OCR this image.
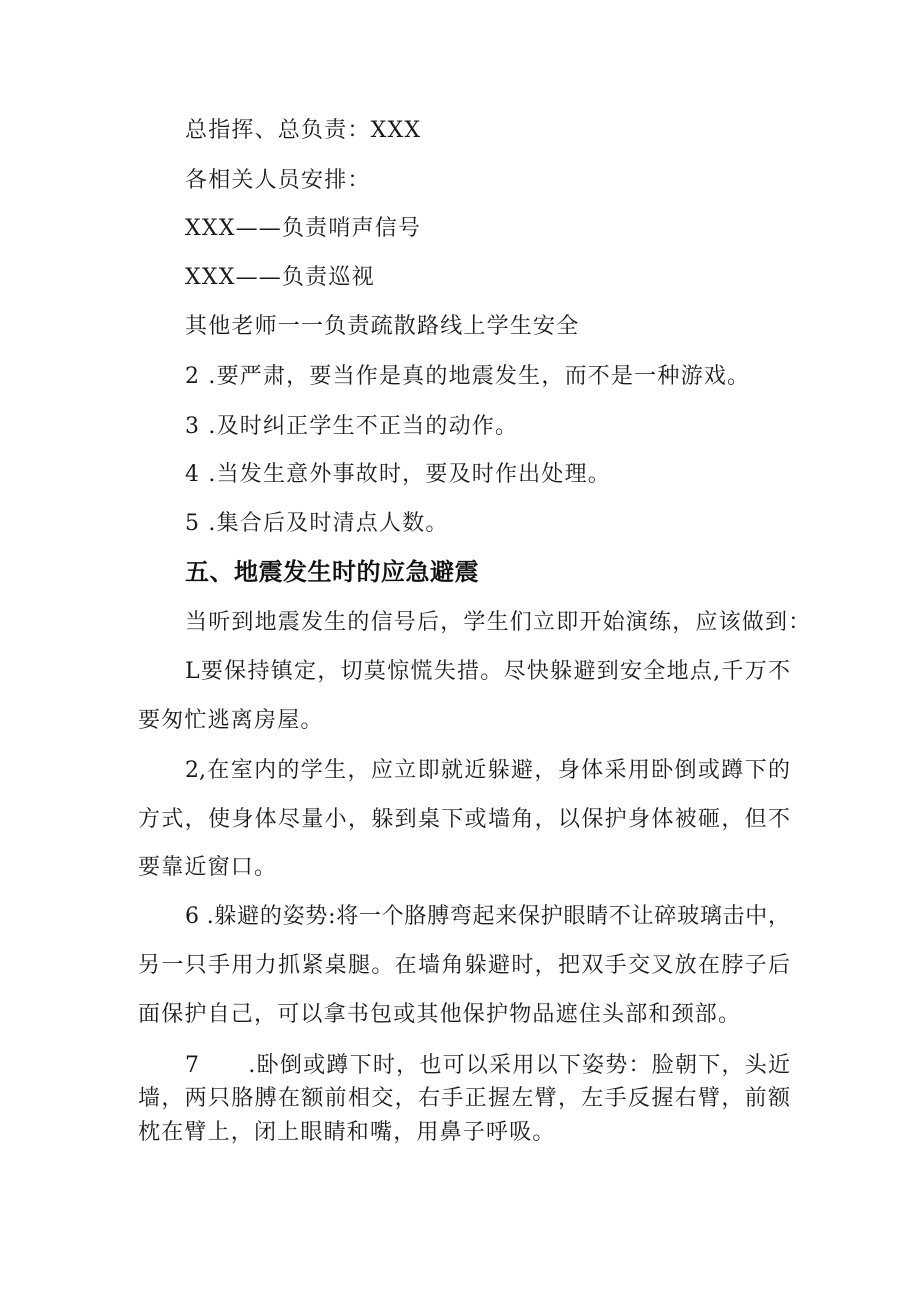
总指挥、总负责：XXX
各相关人员安排：
XXX——负责哨声信号
XXX——负责巡视
其他老师一一负责疏散路线上学生安全
2 .要严肃，要当作是真的地震发生，而不是一种游戏。
3 .及时纠正学生不正当的动作。
4 .当发生意外事故时，要及时作出处理。
5 .集合后及时清点人数。
五、地震发生时的应急避震
当听到地震发生的信号后，学生们立即开始演练，应该做到：
L要保持镇定，切莫惊慌失措。尽快躲避到安全地点,千万不
要匆忙逃离房屋。
2,在室内的学生，应立即就近躲避，身体采用卧倒或蹲下的
方式，使身体尽量小，躲到桌下或墙角，以保护身体被砸，但不
要靠近窗口。
6 .躲避的姿势:将一个胳膊弯起来保护眼睛不让碎玻璃击中，
另一只手用力抓紧桌腿。在墙角躲避时，把双手交叉放在脖子后
面保护自己，可以拿书包或其他保护物品遮住头部和颈部。
7      .卧倒或蹲下时，也可以采用以下姿势：脸朝下，头近
墙，两只胳膊在额前相交，右手正握左臂，左手反握右臂，前额
枕在臂上，闭上眼睛和嘴，用鼻子呼吸。
